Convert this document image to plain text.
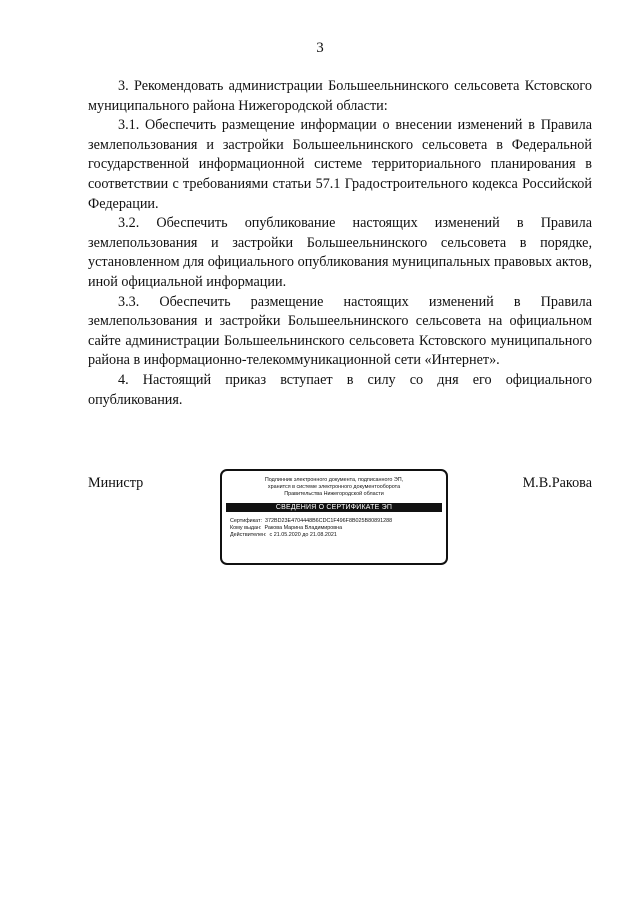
3

3. Рекомендовать администрации Большеельнинского сельсовета Кстовского муниципального района Нижегородской области:

3.1. Обеспечить размещение информации о внесении изменений в Правила землепользования и застройки Большеельнинского сельсовета в Федеральной государственной информационной системе территориального планирования в соответствии с требованиями статьи 57.1 Градостроительного кодекса Российской Федерации.

3.2. Обеспечить опубликование настоящих изменений в Правила землепользования и застройки Большеельнинского сельсовета в порядке, установленном для официального опубликования муниципальных правовых актов, иной официальной информации.

3.3. Обеспечить размещение настоящих изменений в Правила землепользования и застройки Большеельнинского сельсовета на официальном сайте администрации Большеельнинского сельсовета Кстовского муниципального района в информационно-телекоммуникационной сети «Интернет».

4. Настоящий приказ вступает в силу со дня его официального опубликования.

Министр	Подлинник электронного документа, подписанного ЭП,
хранится в системе электронного документооборота
Правительства Нижегородской области
СВЕДЕНИЯ О СЕРТИФИКАТЕ ЭП
Сертификат: 372BD23E4704448B6CDC1F496F8B025B80891288
Кому выдан: Ракова Марина Владимировна
Действителен: с 21.05.2020 до 21.08.2021
М.В.Ракова
